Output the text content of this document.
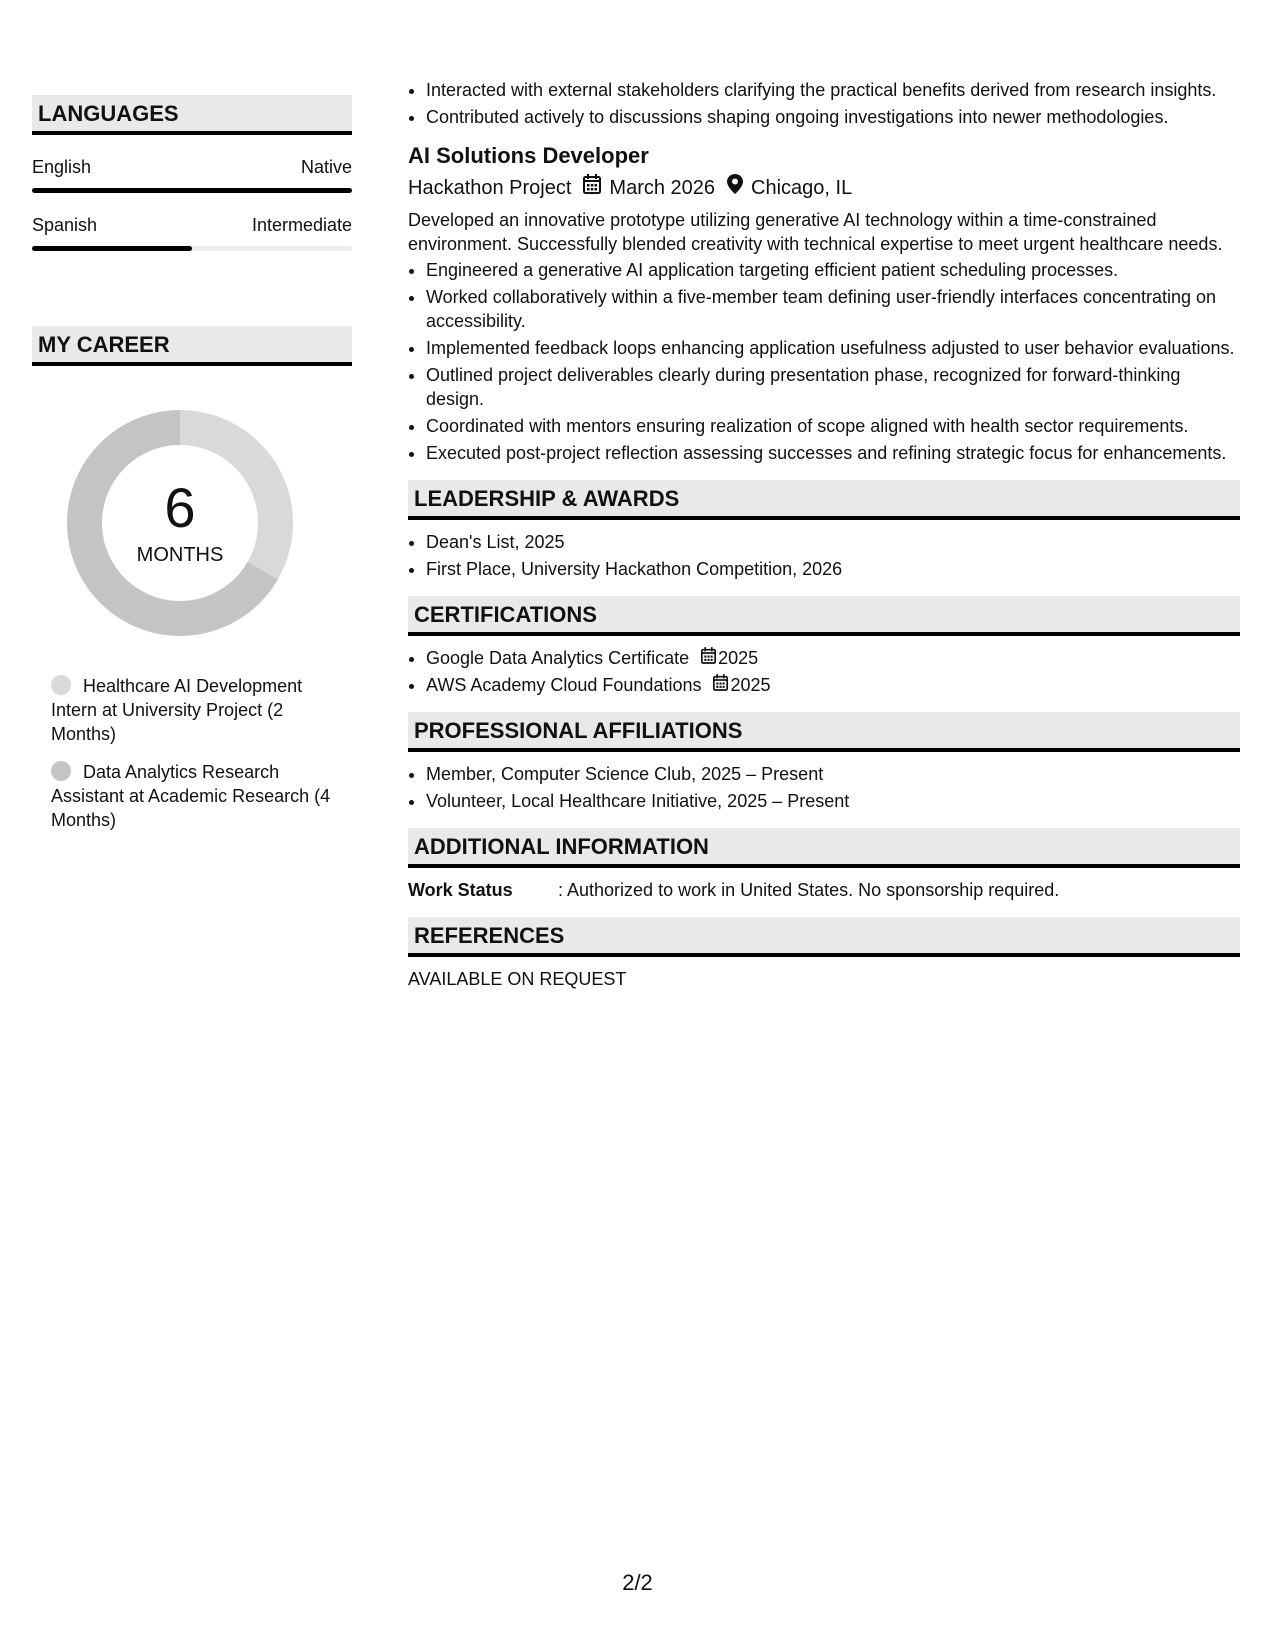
LANGUAGES
English	Native
Spanish	Intermediate
MY CAREER
6
MONTHS
Healthcare AI Development Intern at University Project (2 Months)
Data Analytics Research Assistant at Academic Research (4 Months)
• Interacted with external stakeholders clarifying the practical benefits derived from research insights.
• Contributed actively to discussions shaping ongoing investigations into newer methodologies.
AI Solutions Developer
Hackathon Project March 2026 Chicago, IL
Developed an innovative prototype utilizing generative AI technology within a time-constrained environment. Successfully blended creativity with technical expertise to meet urgent healthcare needs.
• Engineered a generative AI application targeting efficient patient scheduling processes.
• Worked collaboratively within a five-member team defining user-friendly interfaces concentrating on accessibility.
• Implemented feedback loops enhancing application usefulness adjusted to user behavior evaluations.
• Outlined project deliverables clearly during presentation phase, recognized for forward-thinking design.
• Coordinated with mentors ensuring realization of scope aligned with health sector requirements.
• Executed post-project reflection assessing successes and refining strategic focus for enhancements.
LEADERSHIP & AWARDS
• Dean's List, 2025
• First Place, University Hackathon Competition, 2026
CERTIFICATIONS
• Google Data Analytics Certificate 2025
• AWS Academy Cloud Foundations 2025
PROFESSIONAL AFFILIATIONS
• Member, Computer Science Club, 2025 – Present
• Volunteer, Local Healthcare Initiative, 2025 – Present
ADDITIONAL INFORMATION
Work Status	: Authorized to work in United States. No sponsorship required.
REFERENCES
AVAILABLE ON REQUEST
2/2
